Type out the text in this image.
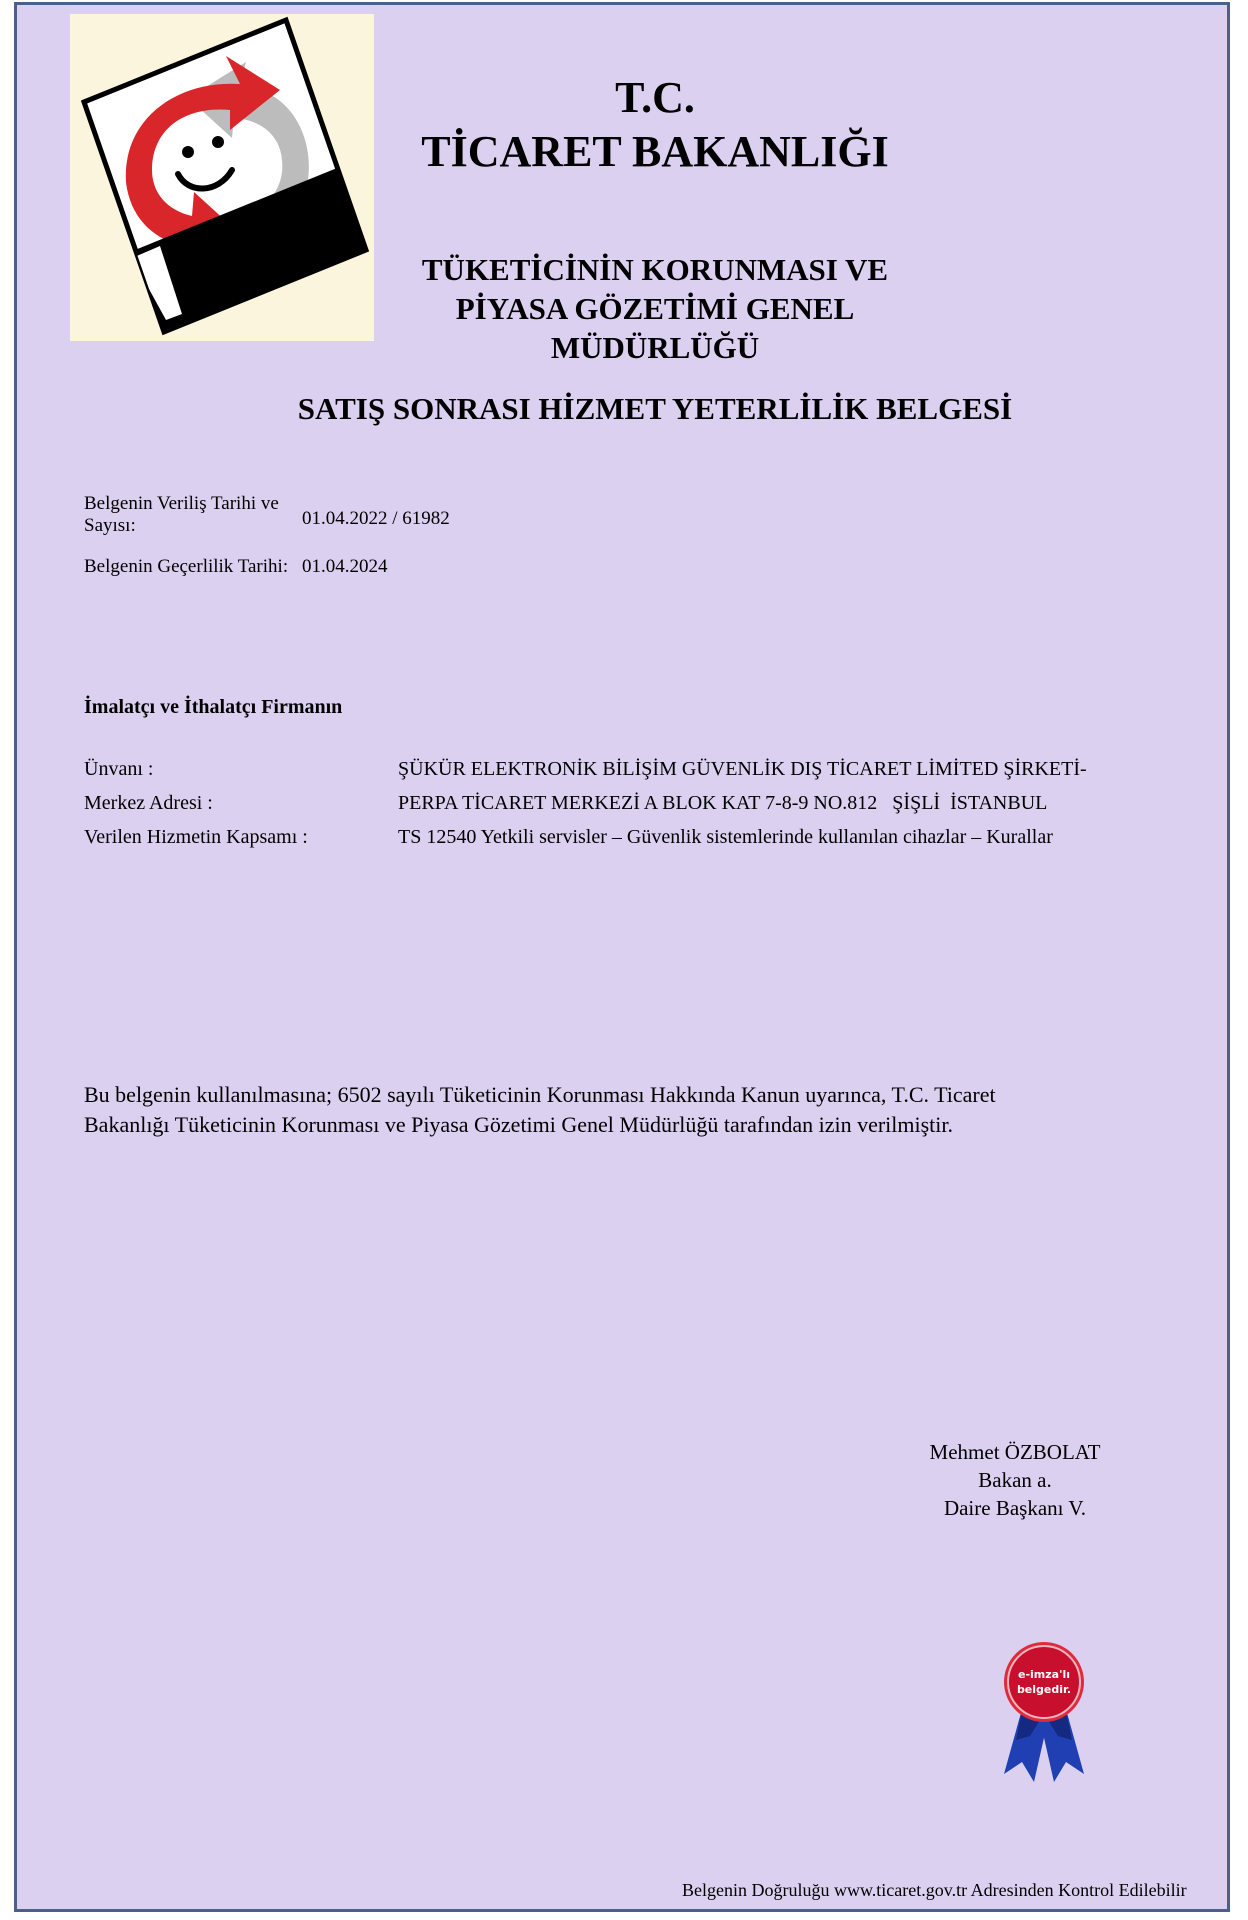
T.C.
TİCARET BAKANLIĞI
TÜKETİCİNİN KORUNMASI VE
PİYASA GÖZETİMİ GENEL
MÜDÜRLÜĞÜ
SATIŞ SONRASI HİZMET YETERLİLİK BELGESİ
Belgenin Veriliş Tarihi ve
Sayısı:	01.04.2022 / 61982
Belgenin Geçerlilik Tarihi: 01.04.2024
İmalatçı ve İthalatçı Firmanın
Ünvanı :	ŞÜKÜR ELEKTRONİK BİLİŞİM GÜVENLİK DIŞ TİCARET LİMİTED ŞİRKETİ-
Merkez Adresi :	PERPA TİCARET MERKEZİ A BLOK KAT 7-8-9 NO.812   ŞİŞLİ  İSTANBUL
Verilen Hizmetin Kapsamı :	TS 12540 Yetkili servisler – Güvenlik sistemlerinde kullanılan cihazlar – Kurallar
Bu belgenin kullanılmasına; 6502 sayılı Tüketicinin Korunması Hakkında Kanun uyarınca, T.C. Ticaret
Bakanlığı Tüketicinin Korunması ve Piyasa Gözetimi Genel Müdürlüğü tarafından izin verilmiştir.
Mehmet ÖZBOLAT
Bakan a.
Daire Başkanı V.
e-imza'lı
belgedir.
Belgenin Doğruluğu www.ticaret.gov.tr Adresinden Kontrol Edilebilir
